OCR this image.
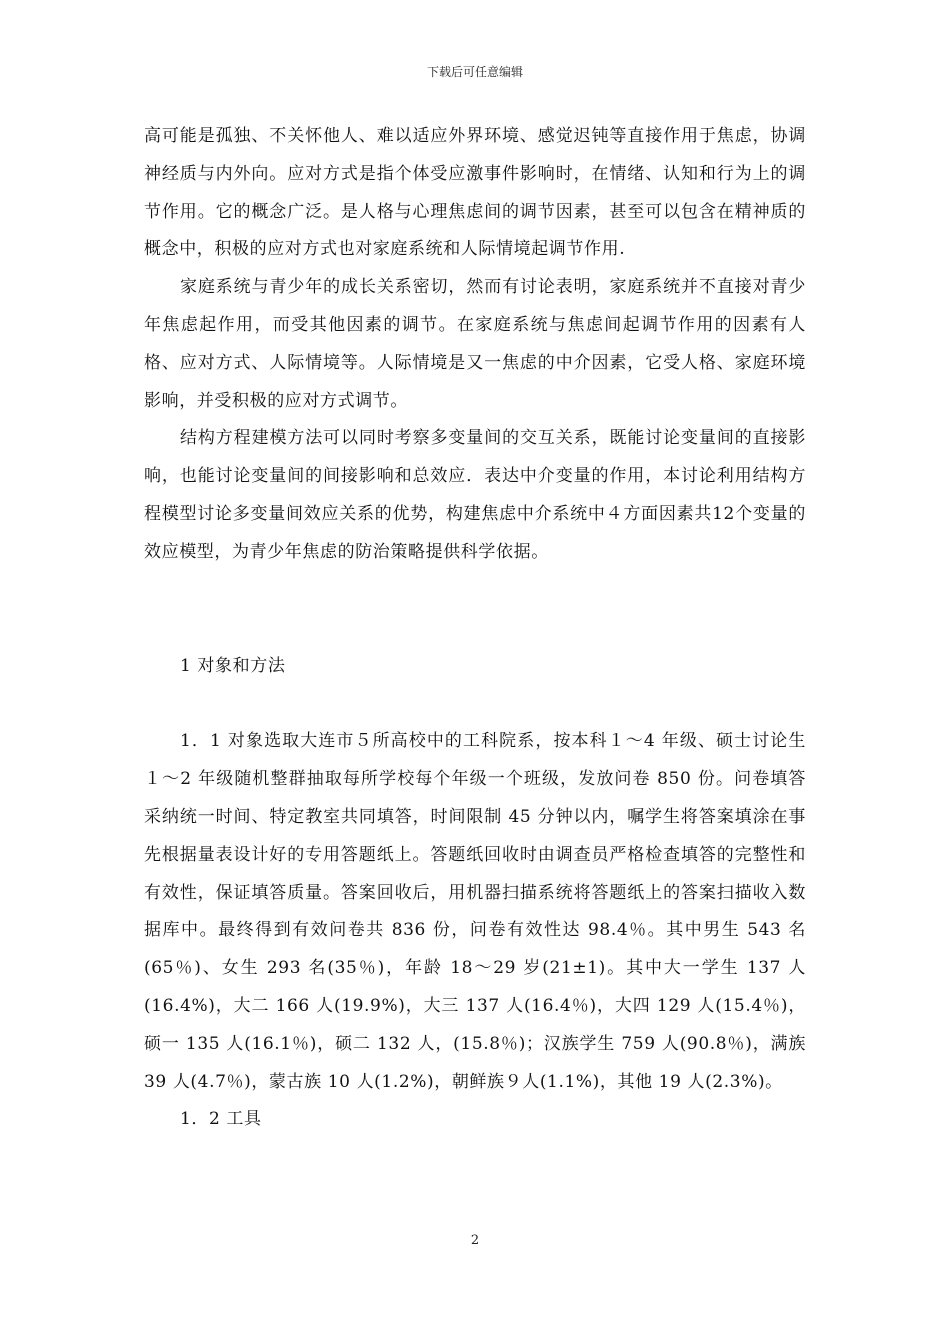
下载后可任意编辑

高可能是孤独、不关怀他人、难以适应外界环境、感觉迟钝等直接作用于焦虑，协调神经质与内外向。应对方式是指个体受应激事件影响时，在情绪、认知和行为上的调节作用。它的概念广泛。是人格与心理焦虑间的调节因素，甚至可以包含在精神质的概念中，积极的应对方式也对家庭系统和人际情境起调节作用.

家庭系统与青少年的成长关系密切，然而有讨论表明，家庭系统并不直接对青少年焦虑起作用，而受其他因素的调节。在家庭系统与焦虑间起调节作用的因素有人格、应对方式、人际情境等。人际情境是又一焦虑的中介因素，它受人格、家庭环境影响，并受积极的应对方式调节。

结构方程建模方法可以同时考察多变量间的交互关系，既能讨论变量间的直接影响，也能讨论变量间的间接影响和总效应．表达中介变量的作用，本讨论利用结构方程模型讨论多变量间效应关系的优势，构建焦虑中介系统中４方面因素共12个变量的效应模型，为青少年焦虑的防治策略提供科学依据。

1 对象和方法

1．1 对象选取大连市５所高校中的工科院系，按本科１～4 年级、硕士讨论生１～2 年级随机整群抽取每所学校每个年级一个班级，发放问卷 850 份。问卷填答采纳统一时间、特定教室共同填答，时间限制 45 分钟以内，嘱学生将答案填涂在事先根据量表设计好的专用答题纸上。答题纸回收时由调查员严格检查填答的完整性和有效性，保证填答质量。答案回收后，用机器扫描系统将答题纸上的答案扫描收入数据库中。最终得到有效问卷共 836 份，问卷有效性达 98.4％。其中男生 543 名(65％)、女生 293 名(35％)，年龄 18～29 岁(21±1)。其中大一学生 137 人(16.4%)，大二 166 人(19.9%)，大三 137 人(16.4％)，大四 129 人(15.4％)，硕一 135 人(16.1％)，硕二 132 人，(15.8％)；汉族学生 759 人(90.8％)，满族 39 人(4.7％)，蒙古族 10 人(1.2%)，朝鲜族９人(1.1%)，其他 19 人(2.3%)。

1．2 工具

2
